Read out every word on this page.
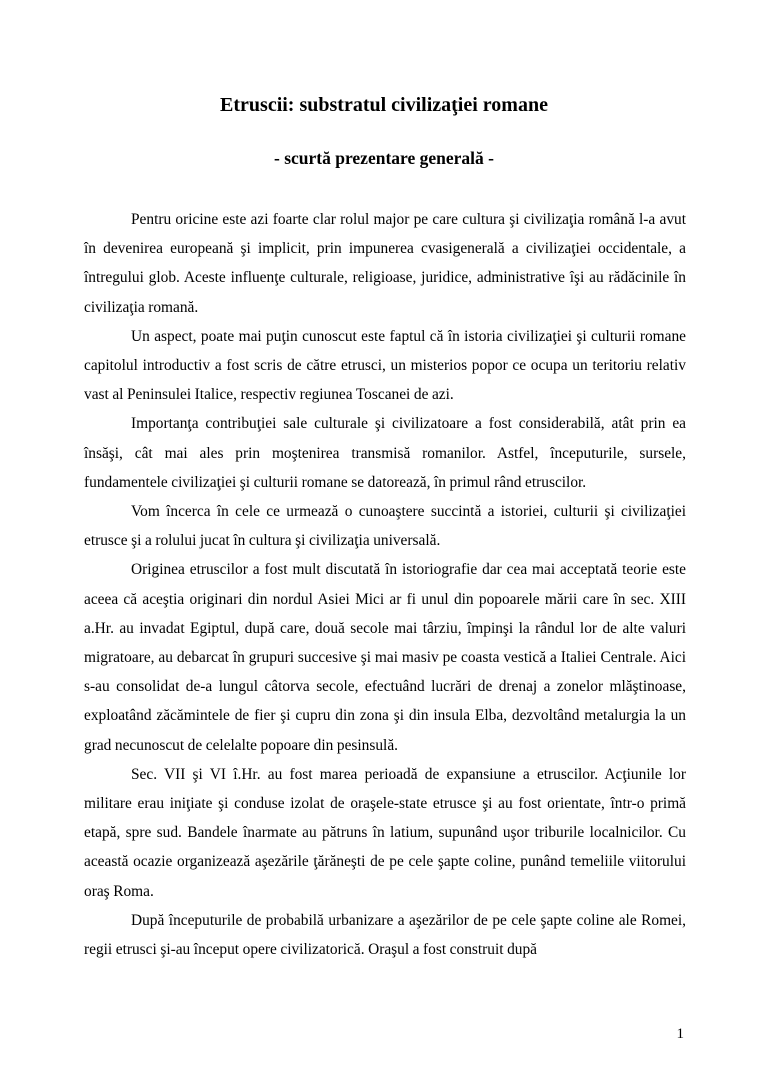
Etruscii: substratul civilizaţiei romane
- scurtă prezentare generală -

Pentru oricine este azi foarte clar rolul major pe care cultura şi civilizaţia română l-a avut în devenirea europeană şi implicit, prin impunerea cvasigenerală a civilizaţiei occidentale, a întregului glob. Aceste influenţe culturale, religioase, juridice, administrative îşi au rădăcinile în civilizaţia romană.

Un aspect, poate mai puţin cunoscut este faptul că în istoria civilizaţiei şi culturii romane capitolul introductiv a fost scris de către etrusci, un misterios popor ce ocupa un teritoriu relativ vast al Peninsulei Italice, respectiv regiunea Toscanei de azi.

Importanţa contribuţiei sale culturale şi civilizatoare a fost considerabilă, atât prin ea însăşi, cât mai ales prin moştenirea transmisă romanilor. Astfel, începuturile, sursele, fundamentele civilizaţiei şi culturii romane se datorează, în primul rând etruscilor.

Vom încerca în cele ce urmează o cunoaştere succintă a istoriei, culturii şi civilizaţiei etrusce şi a rolului jucat în cultura şi civilizaţia universală.

Originea etruscilor a fost mult discutată în istoriografie dar cea mai acceptată teorie este aceea că aceştia originari din nordul Asiei Mici ar fi unul din popoarele mării care în sec. XIII a.Hr. au invadat Egiptul, după care, două secole mai târziu, împinşi la rândul lor de alte valuri migratoare, au debarcat în grupuri succesive şi mai masiv pe coasta vestică a Italiei Centrale. Aici s-au consolidat de-a lungul câtorva secole, efectuând lucrări de drenaj a zonelor mlăştinoase, exploatând zăcămintele de fier şi cupru din zona şi din insula Elba, dezvoltând metalurgia la un grad necunoscut de celelalte popoare din pesinsulă.

Sec. VII şi VI î.Hr. au fost marea perioadă de expansiune a etruscilor. Acţiunile lor militare erau iniţiate şi conduse izolat de oraşele-state etrusce şi au fost orientate, într-o primă etapă, spre sud. Bandele înarmate au pătruns în latium, supunând uşor triburile localnicilor. Cu această ocazie organizează aşezările ţărăneşti de pe cele şapte coline, punând temeliile viitorului oraş Roma.

După începuturile de probabilă urbanizare a aşezărilor de pe cele şapte coline ale Romei, regii etrusci şi-au început opere civilizatorică. Oraşul a fost construit după

1
